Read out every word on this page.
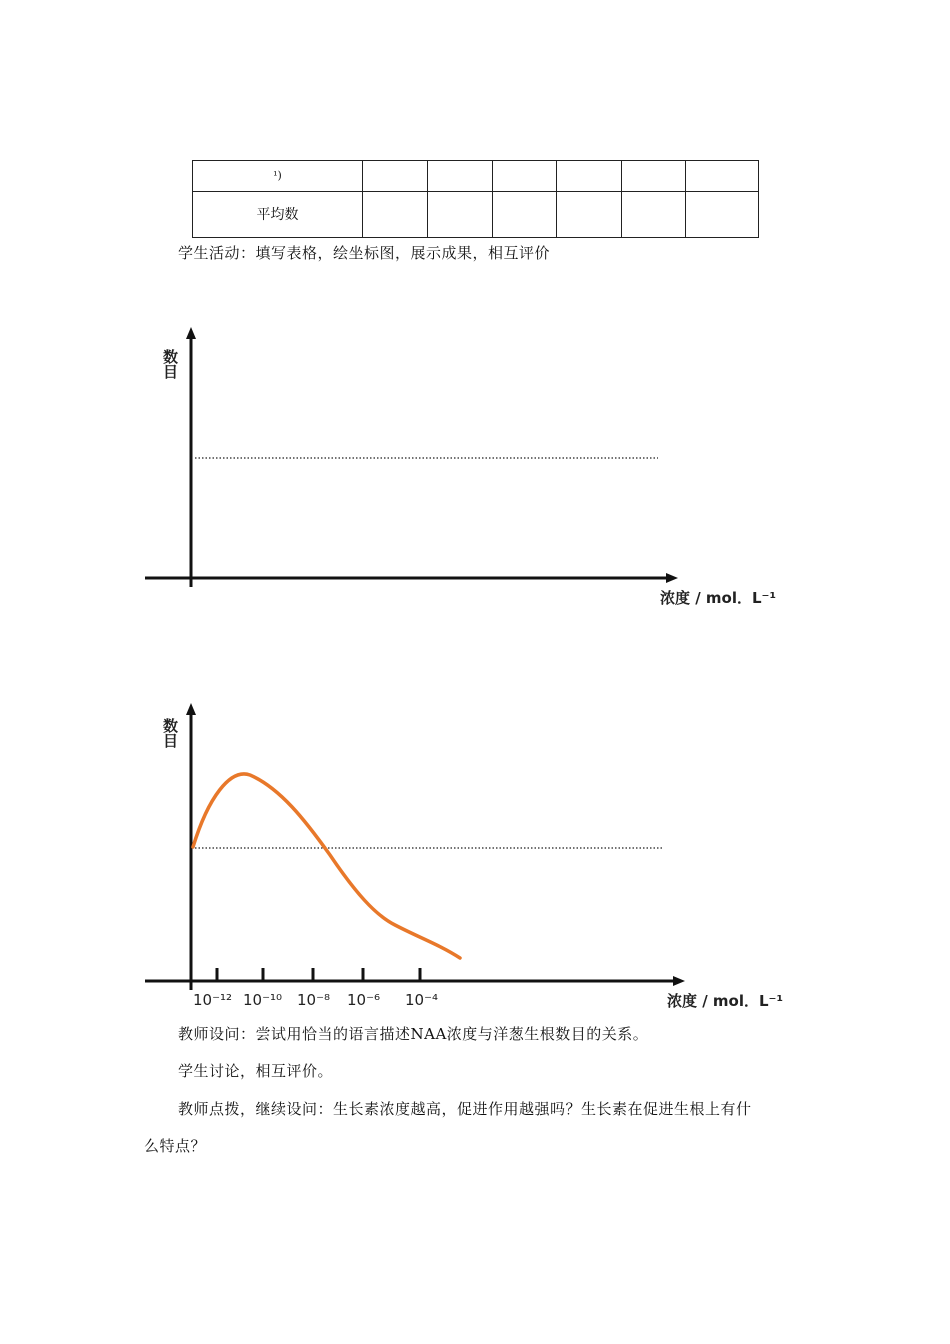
¹)						
平均数						
学生活动：填写表格，绘坐标图，展示成果，相互评价
数目
浓度 / mol．L⁻¹
10⁻¹² 10⁻¹⁰ 10⁻⁸ 10⁻⁶ 10⁻⁴
数目
浓度 / mol．L⁻¹
教师设问：尝试用恰当的语言描述NAA浓度与洋葱生根数目的关系。
学生讨论，相互评价。
教师点拨，继续设问：生长素浓度越高，促进作用越强吗？生长素在促进生根上有什
么特点？
